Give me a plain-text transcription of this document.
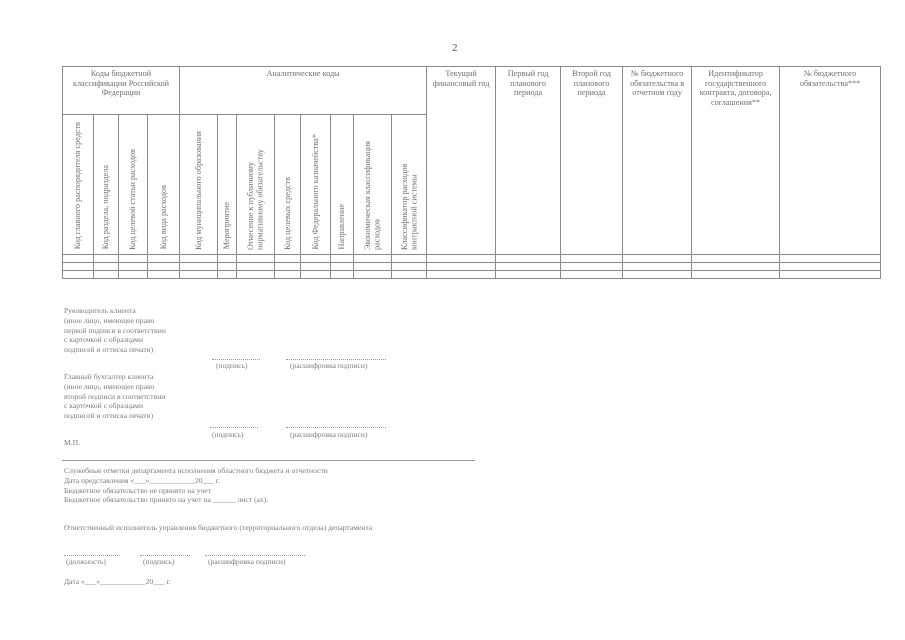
2
Коды бюджетной классификации Российской Федерации				Аналитические коды								Текущий финансовый год	Первый год планового периода	Второй год планового периода	№ бюджетного обязательства в отчетном году	Идентификатор государственного контракта, договора, соглашения**	№ бюджетного обязательства***
Код главного распорядителя средств	Код раздела, подраздела	Код целевой статьи расходов	Код вида расходов	Код муниципального образования	Мероприятие	Отнесение к публичному нормативному обязательству	Код целевых средств	Код Федерального казначейства*	Направление	Экономическая классификация расходов	Классификатор расходов контрактной системы						

Руководитель клиента
(иное лицо, имеющее право
первой подписи в соответствии
с карточкой с образцами
подписей и оттиска печати)
(подпись)	(расшифровка подписи)
Главный бухгалтер клиента
(иное лицо, имеющее право
второй подписи в соответствии
с карточкой с образцами
подписей и оттиска печати)
(подпись)	(расшифровка подписи)
М.П.
Служебные отметки департамента исполнения областного бюджета и отчетности
Дата представления «___»____________20___ г.
Бюджетное обязательство не принято на учет
Бюджетное обязательство принято на учет на ______ лист (ах).
Ответственный исполнитель управления бюджетного (территориального отдела) департамента
(должность)	(подпись)	(расшифровка подписи)
Дата «___»____________20___ г.
